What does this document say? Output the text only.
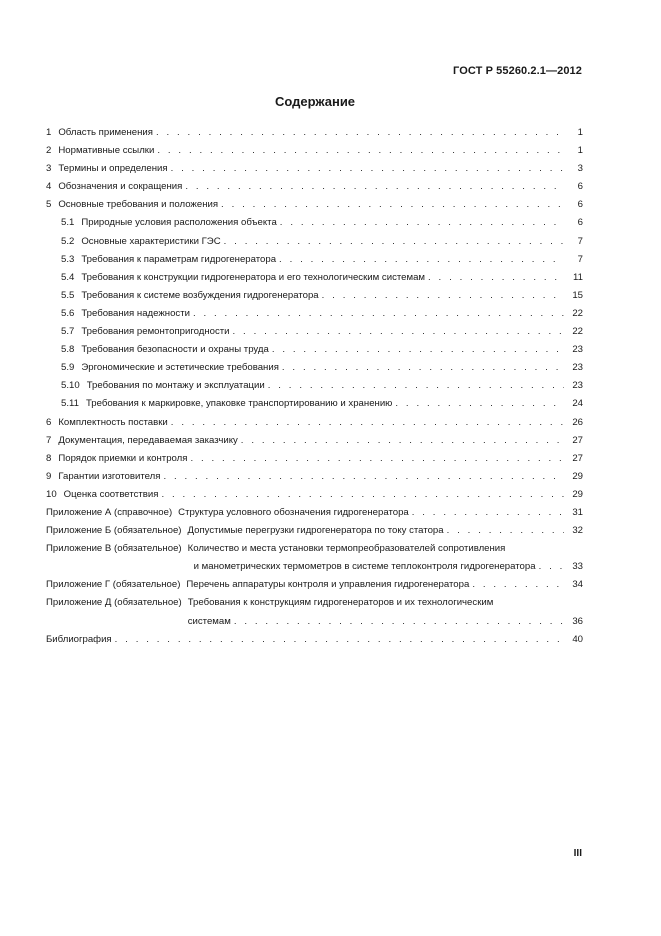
ГОСТ Р 55260.2.1—2012
Содержание
1 Область применения . . .	1
2 Нормативные ссылки . . .	1
3 Термины и определения . . .	3
4 Обозначения и сокращения . . .	6
5 Основные требования и положения . . .	6
5.1 Природные условия расположения объекта . . .	6
5.2 Основные характеристики ГЭС . . .	7
5.3 Требования к параметрам гидрогенератора . . .	7
5.4 Требования к конструкции гидрогенератора и его технологическим системам . . .	11
5.5 Требования к системе возбуждения гидрогенератора . . .	15
5.6 Требования надежности . . .	22
5.7 Требования ремонтопригодности . . .	22
5.8 Требования безопасности и охраны труда . . .	23
5.9 Эргономические и эстетические требования . . .	23
5.10 Требования по монтажу и эксплуатации . . .	23
5.11 Требования к маркировке, упаковке транспортированию и хранению . . .	24
6 Комплектность поставки . . .	26
7 Документация, передаваемая заказчику . . .	27
8 Порядок приемки и контроля . . .	27
9 Гарантии изготовителя . . .	29
10 Оценка соответствия . . .	29
Приложение А (справочное) Структура условного обозначения гидрогенератора . . .	31
Приложение Б (обязательное) Допустимые перегрузки гидрогенератора по току статора . . .	32
Приложение В (обязательное) Количество и места установки термопреобразователей сопротивления
и манометрических термометров в системе теплоконтроля гидрогенератора . . .	33
Приложение Г (обязательное) Перечень аппаратуры контроля и управления гидрогенератора . . .	34
Приложение Д (обязательное) Требования к конструкциям гидрогенераторов и их технологическим
системам . . .	36
Библиография . . .	40
III
